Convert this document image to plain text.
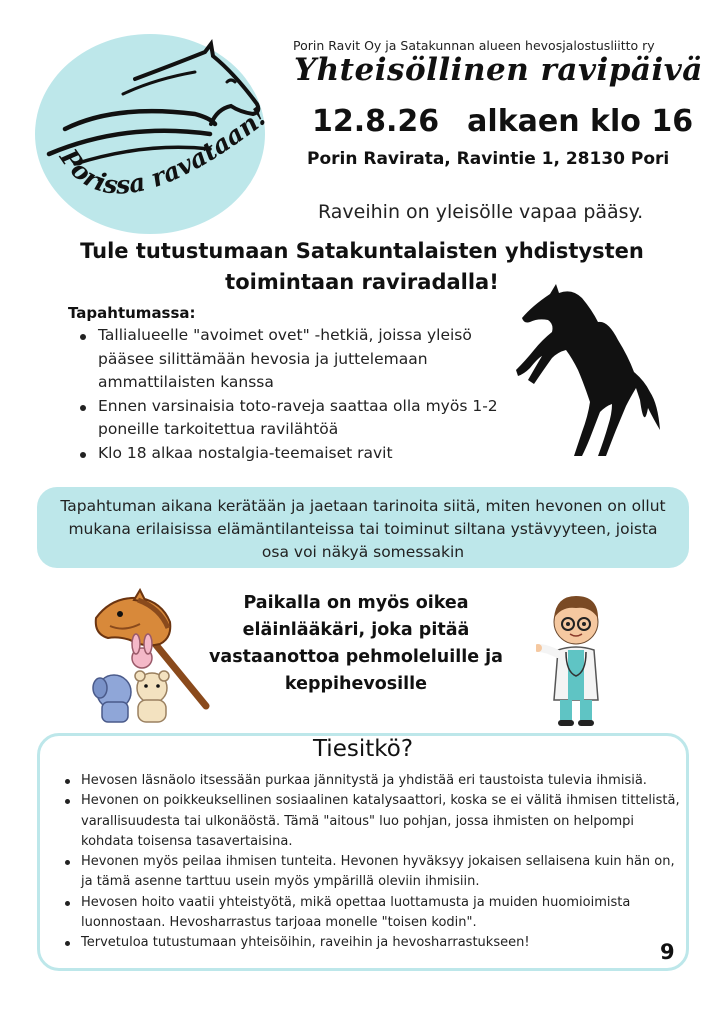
Porissa ravataan
Porin Ravit Oy ja Satakunnan alueen hevosjalostusliitto ry
Yhteisöllinen ravipäivä
12.8.26 alkaen klo 16
Porin Ravirata, Ravintie 1, 28130 Pori
Raveihin on yleisölle vapaa pääsy.
Tule tutustumaan Satakuntalaisten yhdistysten
toimintaan raviradalla!
Tapahtumassa:
Tallialueelle "avoimet ovet" -hetkiä, joissa yleisö pääsee silittämään hevosia ja juttelemaan ammattilaisten kanssa
Ennen varsinaisia toto-raveja saattaa olla myös 1-2 poneille tarkoitettua ravilähtöä
Klo 18 alkaa nostalgia-teemaiset ravit
Tapahtuman aikana kerätään ja jaetaan tarinoita siitä, miten hevonen on ollut mukana erilaisissa elämäntilanteissa tai toiminut siltana ystävyyteen, joista osa voi näkyä somessakin
Paikalla on myös oikea eläinlääkäri, joka pitää vastaanottoa pehmoleluille ja keppihevosille
Tiesitkö?
Hevosen läsnäolo itsessään purkaa jännitystä ja yhdistää eri taustoista tulevia ihmisiä.
Hevonen on poikkeuksellinen sosiaalinen katalysaattori, koska se ei välitä ihmisen tittelistä, varallisuudesta tai ulkonäöstä. Tämä "aitous" luo pohjan, jossa ihmisten on helpompi kohdata toisensa tasavertaisina.
Hevonen myös peilaa ihmisen tunteita. Hevonen hyväksyy jokaisen sellaisena kuin hän on, ja tämä asenne tarttuu usein myös ympärillä oleviin ihmisiin.
Hevosen hoito vaatii yhteistyötä, mikä opettaa luottamusta ja muiden huomioimista luonnostaan. Hevosharrastus tarjoaa monelle "toisen kodin".
Tervetuloa tutustumaan yhteisöihin, raveihin ja hevosharrastukseen!	9
